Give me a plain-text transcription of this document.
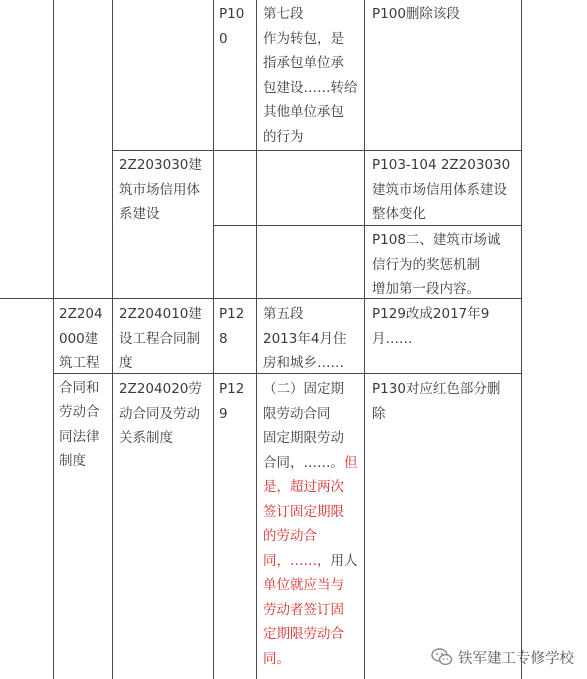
P10
0
第七段
作为转包，是
指承包单位承
包建设……转给
其他单位承包
的行为
P100删除该段
2Z203030建
筑市场信用体
系建设
P103-104 2Z203030
建筑市场信用体系建设
整体变化
P108二、建筑市场诚
信行为的奖惩机制
增加第一段内容。
2Z204
000建
筑工程
合同和
劳动合
同法律
制度
2Z204010建
设工程合同制
度
P12
8
第五段
2013年4月住
房和城乡……
P129改成2017年9
月……
2Z204020劳
动合同及劳动
关系制度
P12
9
（二）固定期
限劳动合同
固定期限劳动
合同，……。但
是，超过两次
签订固定期限
的劳动合
同，……，用人
单位就应当与
劳动者签订固
定期限劳动合
同。
P130对应红色部分删
除
铁军建工专修学校
